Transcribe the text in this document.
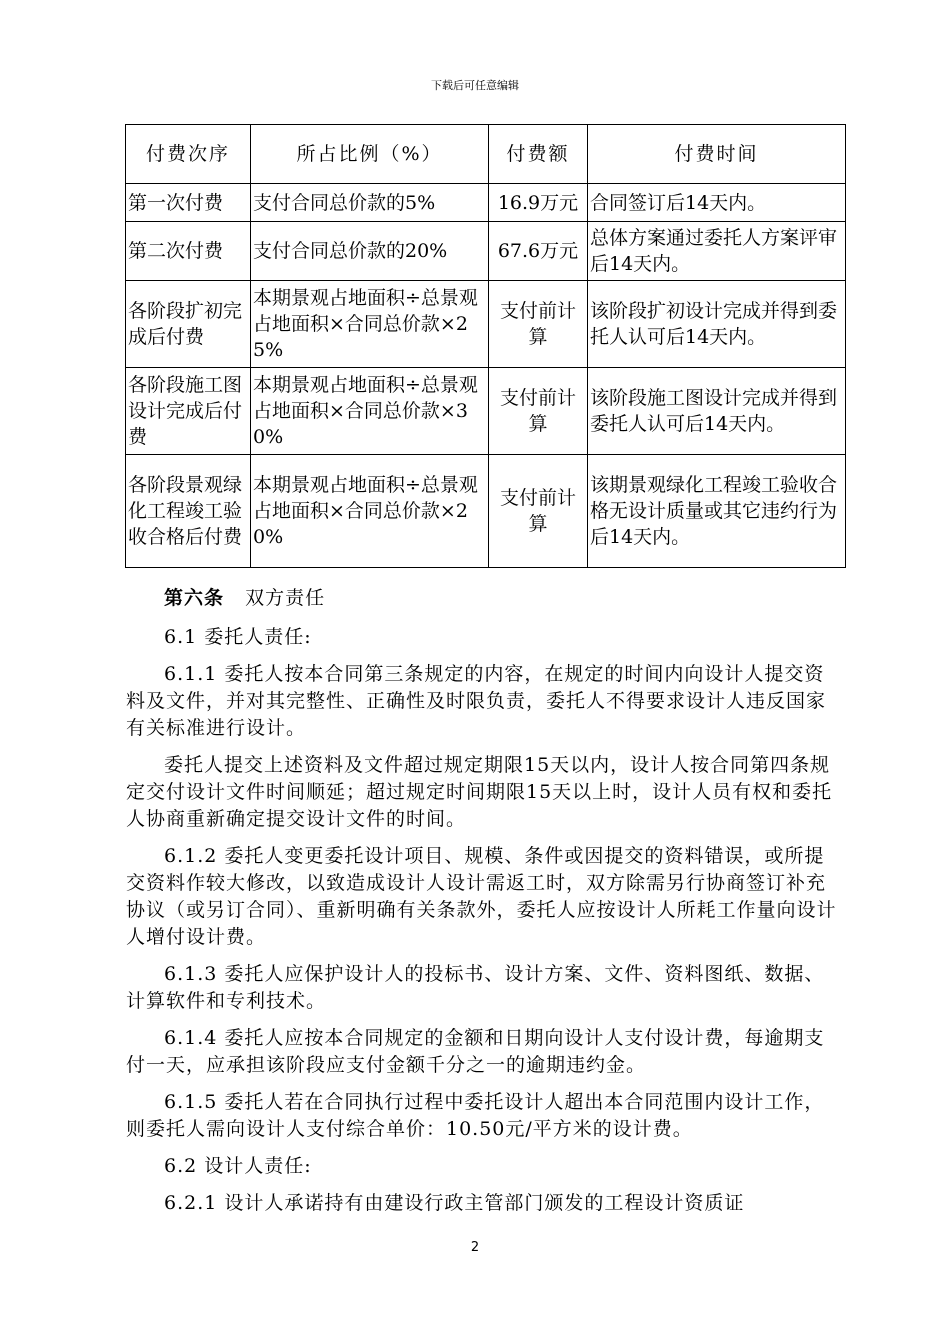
下载后可任意编辑
付费次序	所占比例（%）	付费额	付费时间
第一次付费	支付合同总价款的5%	16.9万元	合同签订后14天内。
第二次付费	支付合同总价款的20%	67.6万元	总体方案通过委托人方案评审后14天内。
各阶段扩初完成后付费	本期景观占地面积÷总景观占地面积×合同总价款×25%	支付前计算	该阶段扩初设计完成并得到委托人认可后14天内。
各阶段施工图设计完成后付费	本期景观占地面积÷总景观占地面积×合同总价款×30%	支付前计算	该阶段施工图设计完成并得到委托人认可后14天内。
各阶段景观绿化工程竣工验收合格后付费	本期景观占地面积÷总景观占地面积×合同总价款×20%	支付前计算	该期景观绿化工程竣工验收合格无设计质量或其它违约行为后14天内。

第六条 双方责任

6.1 委托人责任:

6.1.1 委托人按本合同第三条规定的内容，在规定的时间内向设计人提交资料及文件，并对其完整性、正确性及时限负责，委托人不得要求设计人违反国家有关标准进行设计。

委托人提交上述资料及文件超过规定期限15天以内，设计人按合同第四条规定交付设计文件时间顺延；超过规定时间期限15天以上时，设计人员有权和委托人协商重新确定提交设计文件的时间。

6.1.2 委托人变更委托设计项目、规模、条件或因提交的资料错误，或所提交资料作较大修改，以致造成设计人设计需返工时，双方除需另行协商签订补充协议（或另订合同）、重新明确有关条款外，委托人应按设计人所耗工作量向设计人增付设计费。

6.1.3 委托人应保护设计人的投标书、设计方案、文件、资料图纸、数据、计算软件和专利技术。

6.1.4 委托人应按本合同规定的金额和日期向设计人支付设计费，每逾期支付一天，应承担该阶段应支付金额千分之一的逾期违约金。

6.1.5 委托人若在合同执行过程中委托设计人超出本合同范围内设计工作，则委托人需向设计人支付综合单价：10.50元/平方米的设计费。

6.2 设计人责任:

6.2.1 设计人承诺持有由建设行政主管部门颁发的工程设计资质证

2
